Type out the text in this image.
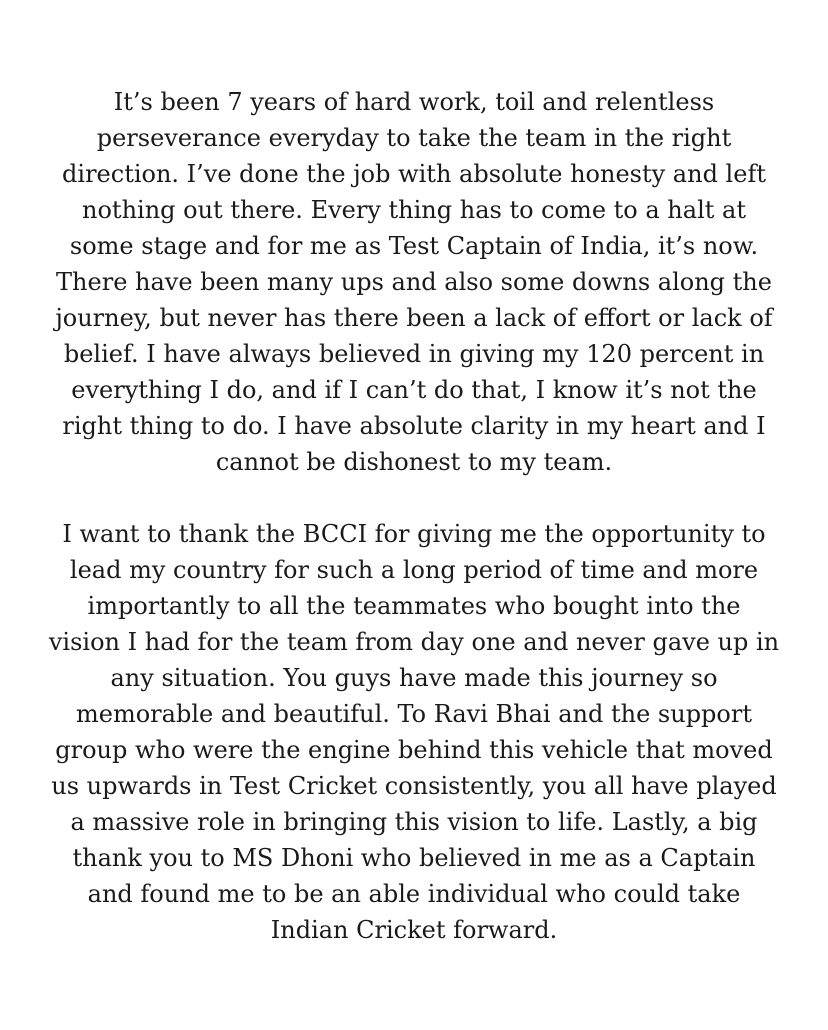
It’s been 7 years of hard work, toil and relentless
perseverance everyday to take the team in the right
direction. I’ve done the job with absolute honesty and left
nothing out there. Every thing has to come to a halt at
some stage and for me as Test Captain of India, it’s now.
There have been many ups and also some downs along the
journey, but never has there been a lack of effort or lack of
belief. I have always believed in giving my 120 percent in
everything I do, and if I can’t do that, I know it’s not the
right thing to do. I have absolute clarity in my heart and I
cannot be dishonest to my team.

I want to thank the BCCI for giving me the opportunity to
lead my country for such a long period of time and more
importantly to all the teammates who bought into the
vision I had for the team from day one and never gave up in
any situation. You guys have made this journey so
memorable and beautiful. To Ravi Bhai and the support
group who were the engine behind this vehicle that moved
us upwards in Test Cricket consistently, you all have played
a massive role in bringing this vision to life. Lastly, a big
thank you to MS Dhoni who believed in me as a Captain
and found me to be an able individual who could take
Indian Cricket forward.
